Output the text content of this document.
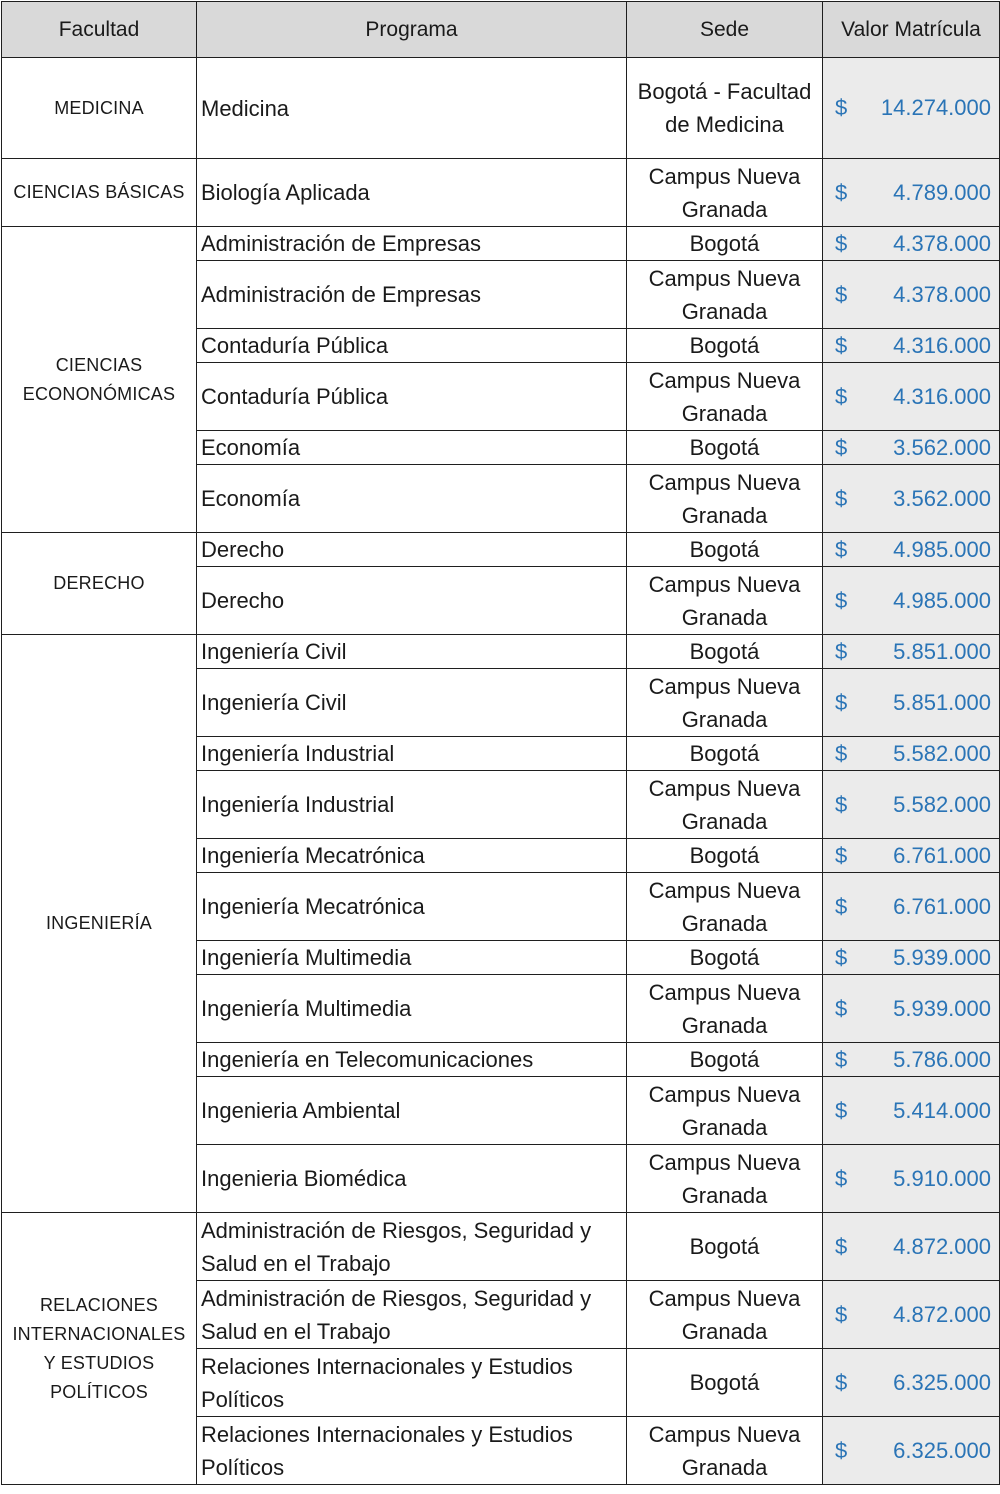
Facultad	Programa	Sede	Valor Matrícula
MEDICINA	Medicina	Bogotá - Facultad de Medicina	$ 14.274.000

CIENCIAS BÁSICAS	Biología Aplicada	Campus Nueva Granada	$ 4.789.000

CIENCIAS ECONONÓMICAS	Administración de Empresas	Bogotá	$ 4.378.000

	Administración de Empresas	Campus Nueva Granada	$ 4.378.000

	Contaduría Pública	Bogotá	$ 4.316.000

	Contaduría Pública	Campus Nueva Granada	$ 4.316.000

	Economía	Bogotá	$ 3.562.000

	Economía	Campus Nueva Granada	$ 3.562.000

DERECHO	Derecho	Bogotá	$ 4.985.000

	Derecho	Campus Nueva Granada	$ 4.985.000

INGENIERÍA	Ingeniería Civil	Bogotá	$ 5.851.000

	Ingeniería Civil	Campus Nueva Granada	$ 5.851.000

	Ingeniería Industrial	Bogotá	$ 5.582.000

	Ingeniería Industrial	Campus Nueva Granada	$ 5.582.000

	Ingeniería Mecatrónica	Bogotá	$ 6.761.000

	Ingeniería Mecatrónica	Campus Nueva Granada	$ 6.761.000

	Ingeniería Multimedia	Bogotá	$ 5.939.000

	Ingeniería Multimedia	Campus Nueva Granada	$ 5.939.000

	Ingeniería en Telecomunicaciones	Bogotá	$ 5.786.000

	Ingenieria Ambiental	Campus Nueva Granada	$ 5.414.000

	Ingenieria Biomédica	Campus Nueva Granada	$ 5.910.000

RELACIONES INTERNACIONALES Y ESTUDIOS POLÍTICOS	Administración de Riesgos, Seguridad y Salud en el Trabajo	Bogotá	$ 4.872.000

	Administración de Riesgos, Seguridad y Salud en el Trabajo	Campus Nueva Granada	$ 4.872.000

	Relaciones Internacionales y Estudios Políticos	Bogotá	$ 6.325.000

	Relaciones Internacionales y Estudios Políticos	Campus Nueva Granada	$ 6.325.000
